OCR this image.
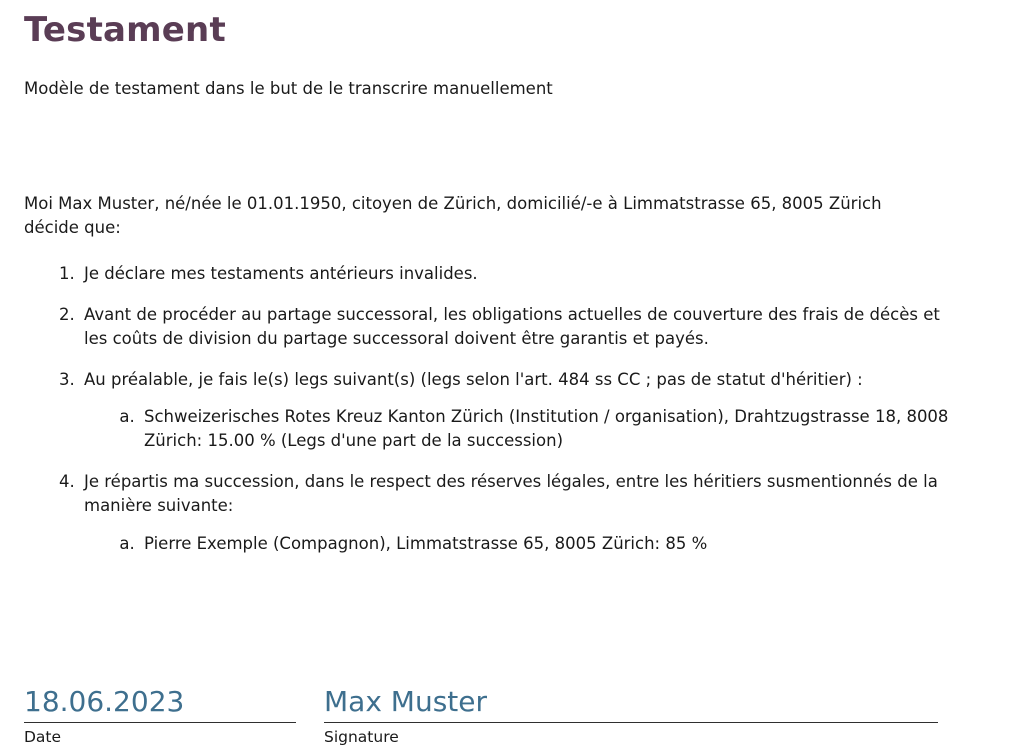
Testament
Modèle de testament dans le but de le transcrire manuellement
Moi Max Muster, né/née le 01.01.1950, citoyen de Zürich, domicilié/-e à Limmatstrasse 65, 8005 Zürich décide que:
1. Je déclare mes testaments antérieurs invalides.
2. Avant de procéder au partage successoral, les obligations actuelles de couverture des frais de décès et les coûts de division du partage successoral doivent être garantis et payés.
3. Au préalable, je fais le(s) legs suivant(s) (legs selon l'art. 484 ss CC ; pas de statut d'héritier) :
a. Schweizerisches Rotes Kreuz Kanton Zürich (Institution / organisation), Drahtzugstrasse 18, 8008 Zürich: 15.00 % (Legs d'une part de la succession)
4. Je répartis ma succession, dans le respect des réserves légales, entre les héritiers susmentionnés de la manière suivante:
a. Pierre Exemple (Compagnon), Limmatstrasse 65, 8005 Zürich: 85 %
18.06.2023
Date
Max Muster
Signature
